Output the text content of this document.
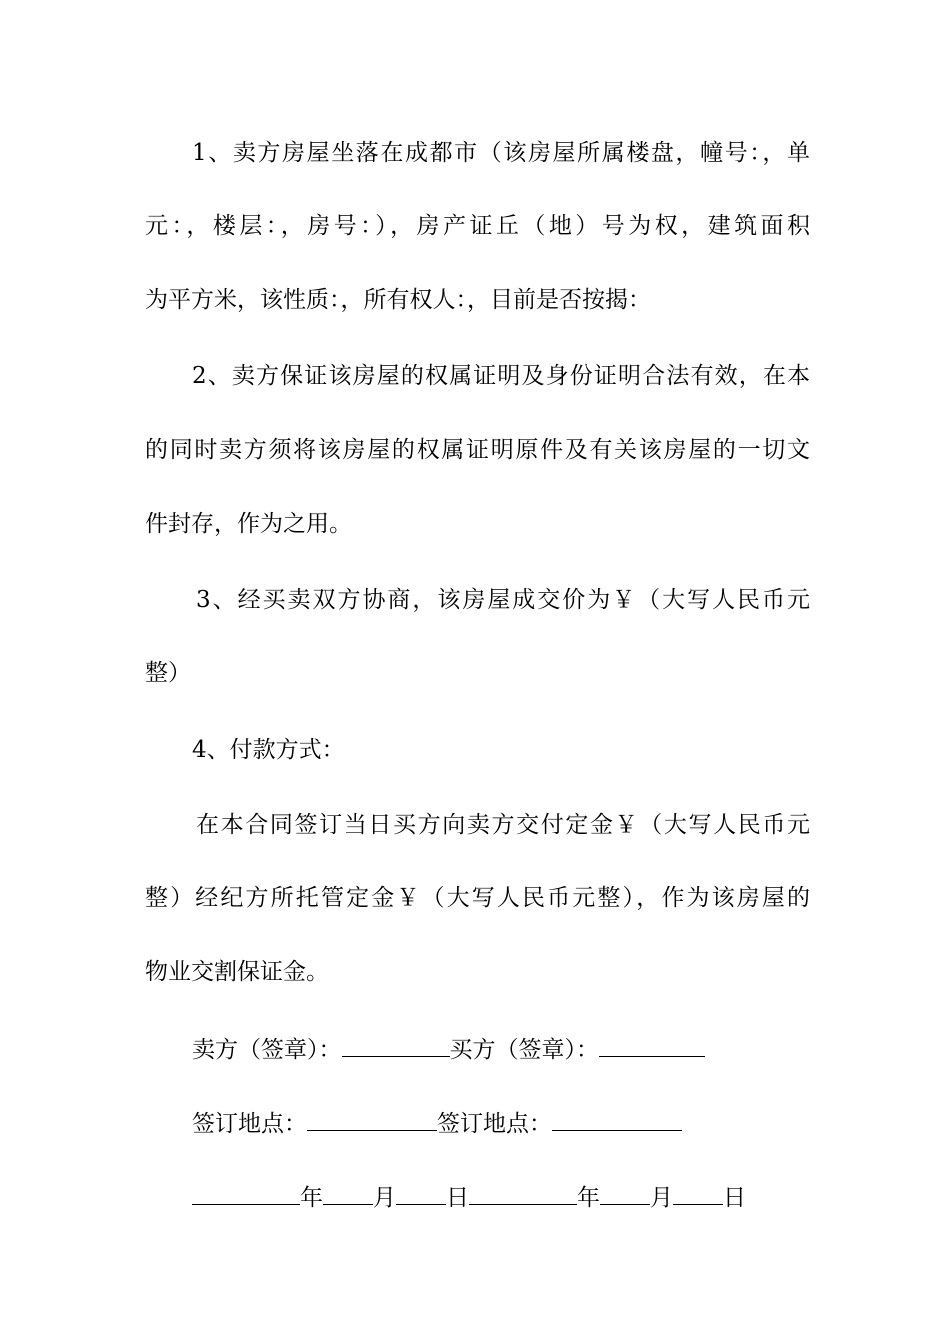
1、卖方房屋坐落在成都市（该房屋所属楼盘，幢号：，单
元：，楼层：，房号：），房产证丘（地）号为权，建筑面积
为平方米，该性质：，所有权人：，目前是否按揭：
2、卖方保证该房屋的权属证明及身份证明合法有效，在本
的同时卖方须将该房屋的权属证明原件及有关该房屋的一切文
件封存，作为之用。
3、经买卖双方协商，该房屋成交价为￥（大写人民币元
整）
4、付款方式：
在本合同签订当日买方向卖方交付定金￥（大写人民币元
整）经纪方所托管定金￥（大写人民币元整），作为该房屋的
物业交割保证金。
卖方（签章）：	买方（签章）：
签订地点：	签订地点：
年 月 日	年 月 日
